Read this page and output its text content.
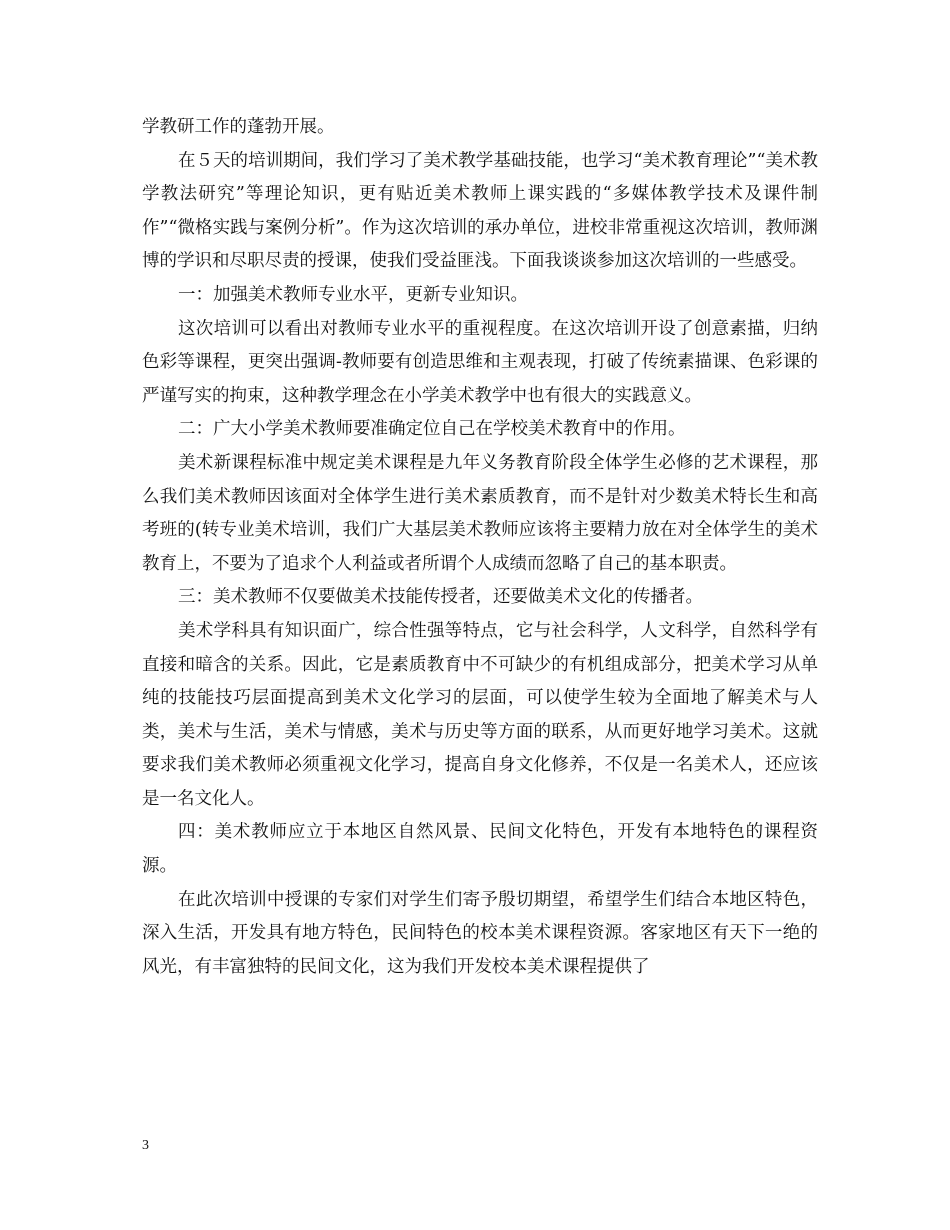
学教研工作的蓬勃开展。

在５天的培训期间，我们学习了美术教学基础技能，也学习“美术教育理论”“美术教学教法研究”等理论知识，更有贴近美术教师上课实践的“多媒体教学技术及课件制作”“微格实践与案例分析”。作为这次培训的承办单位，进校非常重视这次培训，教师渊博的学识和尽职尽责的授课，使我们受益匪浅。下面我谈谈参加这次培训的一些感受。

一：加强美术教师专业水平，更新专业知识。

这次培训可以看出对教师专业水平的重视程度。在这次培训开设了创意素描，归纳色彩等课程，更突出强调-教师要有创造思维和主观表现，打破了传统素描课、色彩课的严谨写实的拘束，这种教学理念在小学美术教学中也有很大的实践意义。

二：广大小学美术教师要准确定位自己在学校美术教育中的作用。

美术新课程标准中规定美术课程是九年义务教育阶段全体学生必修的艺术课程，那么我们美术教师因该面对全体学生进行美术素质教育，而不是针对少数美术特长生和高考班的(转专业美术培训，我们广大基层美术教师应该将主要精力放在对全体学生的美术教育上，不要为了追求个人利益或者所谓个人成绩而忽略了自己的基本职责。

三：美术教师不仅要做美术技能传授者，还要做美术文化的传播者。

美术学科具有知识面广，综合性强等特点，它与社会科学，人文科学，自然科学有直接和暗含的关系。因此，它是素质教育中不可缺少的有机组成部分，把美术学习从单纯的技能技巧层面提高到美术文化学习的层面，可以使学生较为全面地了解美术与人类，美术与生活，美术与情感，美术与历史等方面的联系，从而更好地学习美术。这就要求我们美术教师必须重视文化学习，提高自身文化修养，不仅是一名美术人，还应该是一名文化人。

四：美术教师应立于本地区自然风景、民间文化特色，开发有本地特色的课程资源。

在此次培训中授课的专家们对学生们寄予殷切期望，希望学生们结合本地区特色，深入生活，开发具有地方特色，民间特色的校本美术课程资源。客家地区有天下一绝的风光，有丰富独特的民间文化，这为我们开发校本美术课程提供了

3
